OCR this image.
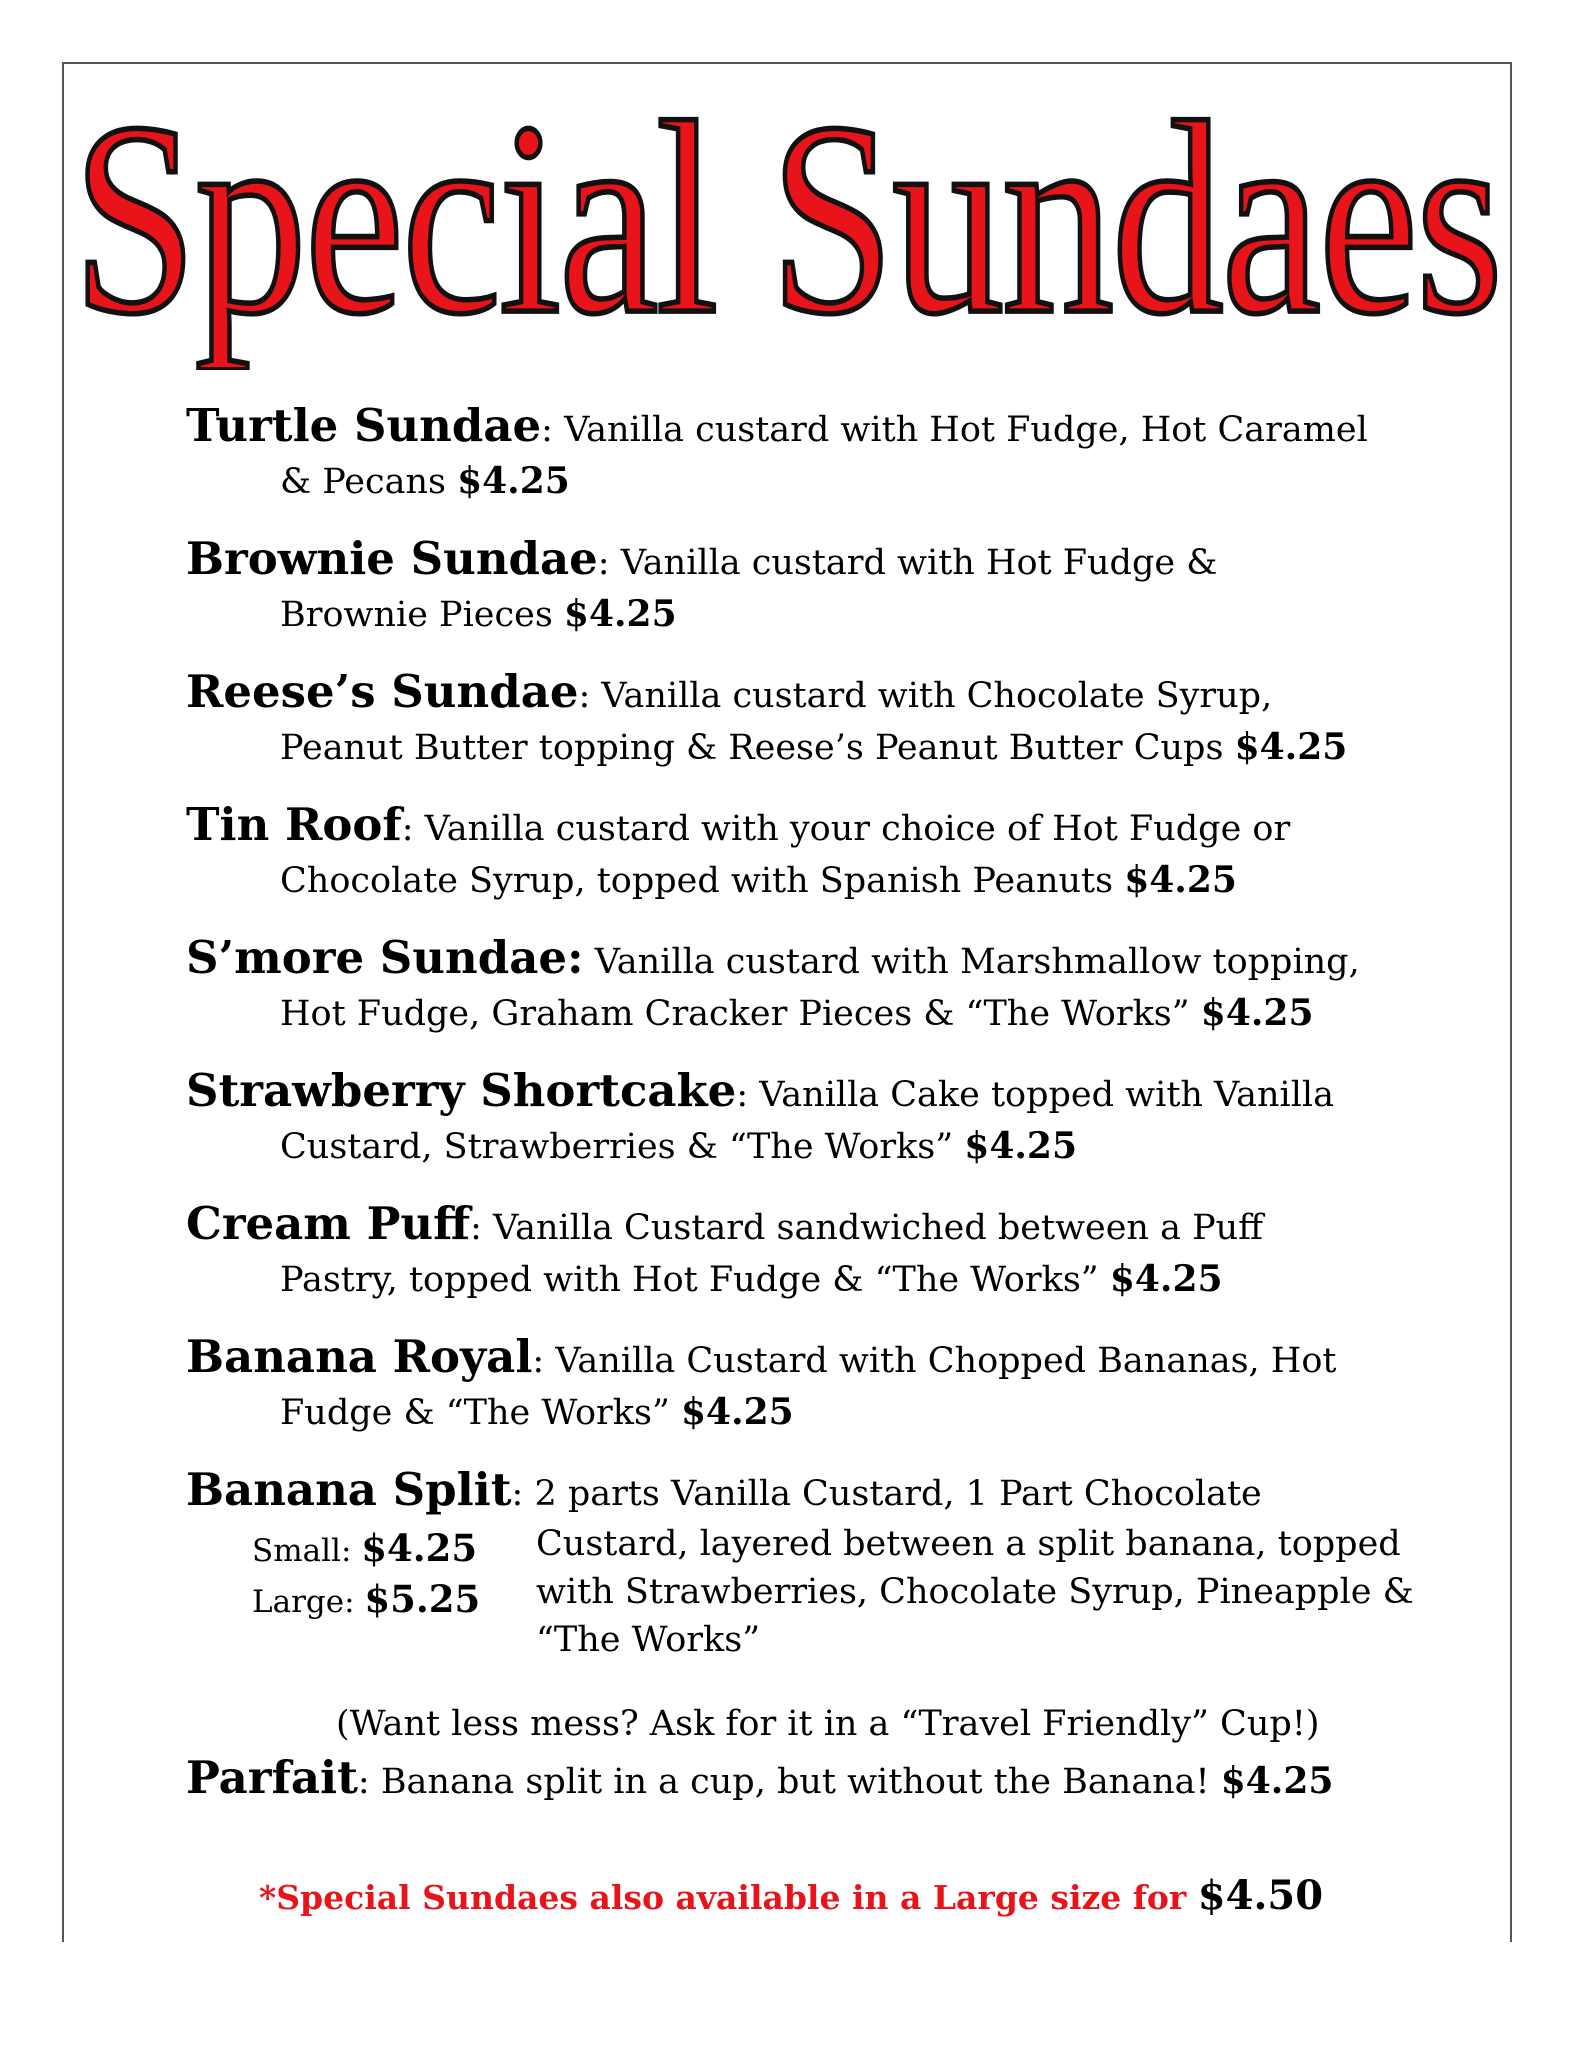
Special Sundaes
Turtle Sundae: Vanilla custard with Hot Fudge, Hot Caramel
& Pecans $4.25
Brownie Sundae: Vanilla custard with Hot Fudge &
Brownie Pieces $4.25
Reese’s Sundae: Vanilla custard with Chocolate Syrup,
Peanut Butter topping & Reese’s Peanut Butter Cups $4.25
Tin Roof: Vanilla custard with your choice of Hot Fudge or
Chocolate Syrup, topped with Spanish Peanuts $4.25
S’more Sundae: Vanilla custard with Marshmallow topping,
Hot Fudge, Graham Cracker Pieces & “The Works” $4.25
Strawberry Shortcake: Vanilla Cake topped with Vanilla
Custard, Strawberries & “The Works” $4.25
Cream Puff: Vanilla Custard sandwiched between a Puff
Pastry, topped with Hot Fudge & “The Works” $4.25
Banana Royal: Vanilla Custard with Chopped Bananas, Hot
Fudge & “The Works” $4.25
Banana Split: 2 parts Vanilla Custard, 1 Part Chocolate
Small: $4.25
Large: $5.25
Custard, layered between a split banana, topped
with Strawberries, Chocolate Syrup, Pineapple &
“The Works”
(Want less mess? Ask for it in a “Travel Friendly” Cup!)
Parfait: Banana split in a cup, but without the Banana! $4.25
*Special Sundaes also available in a Large size for $4.50
